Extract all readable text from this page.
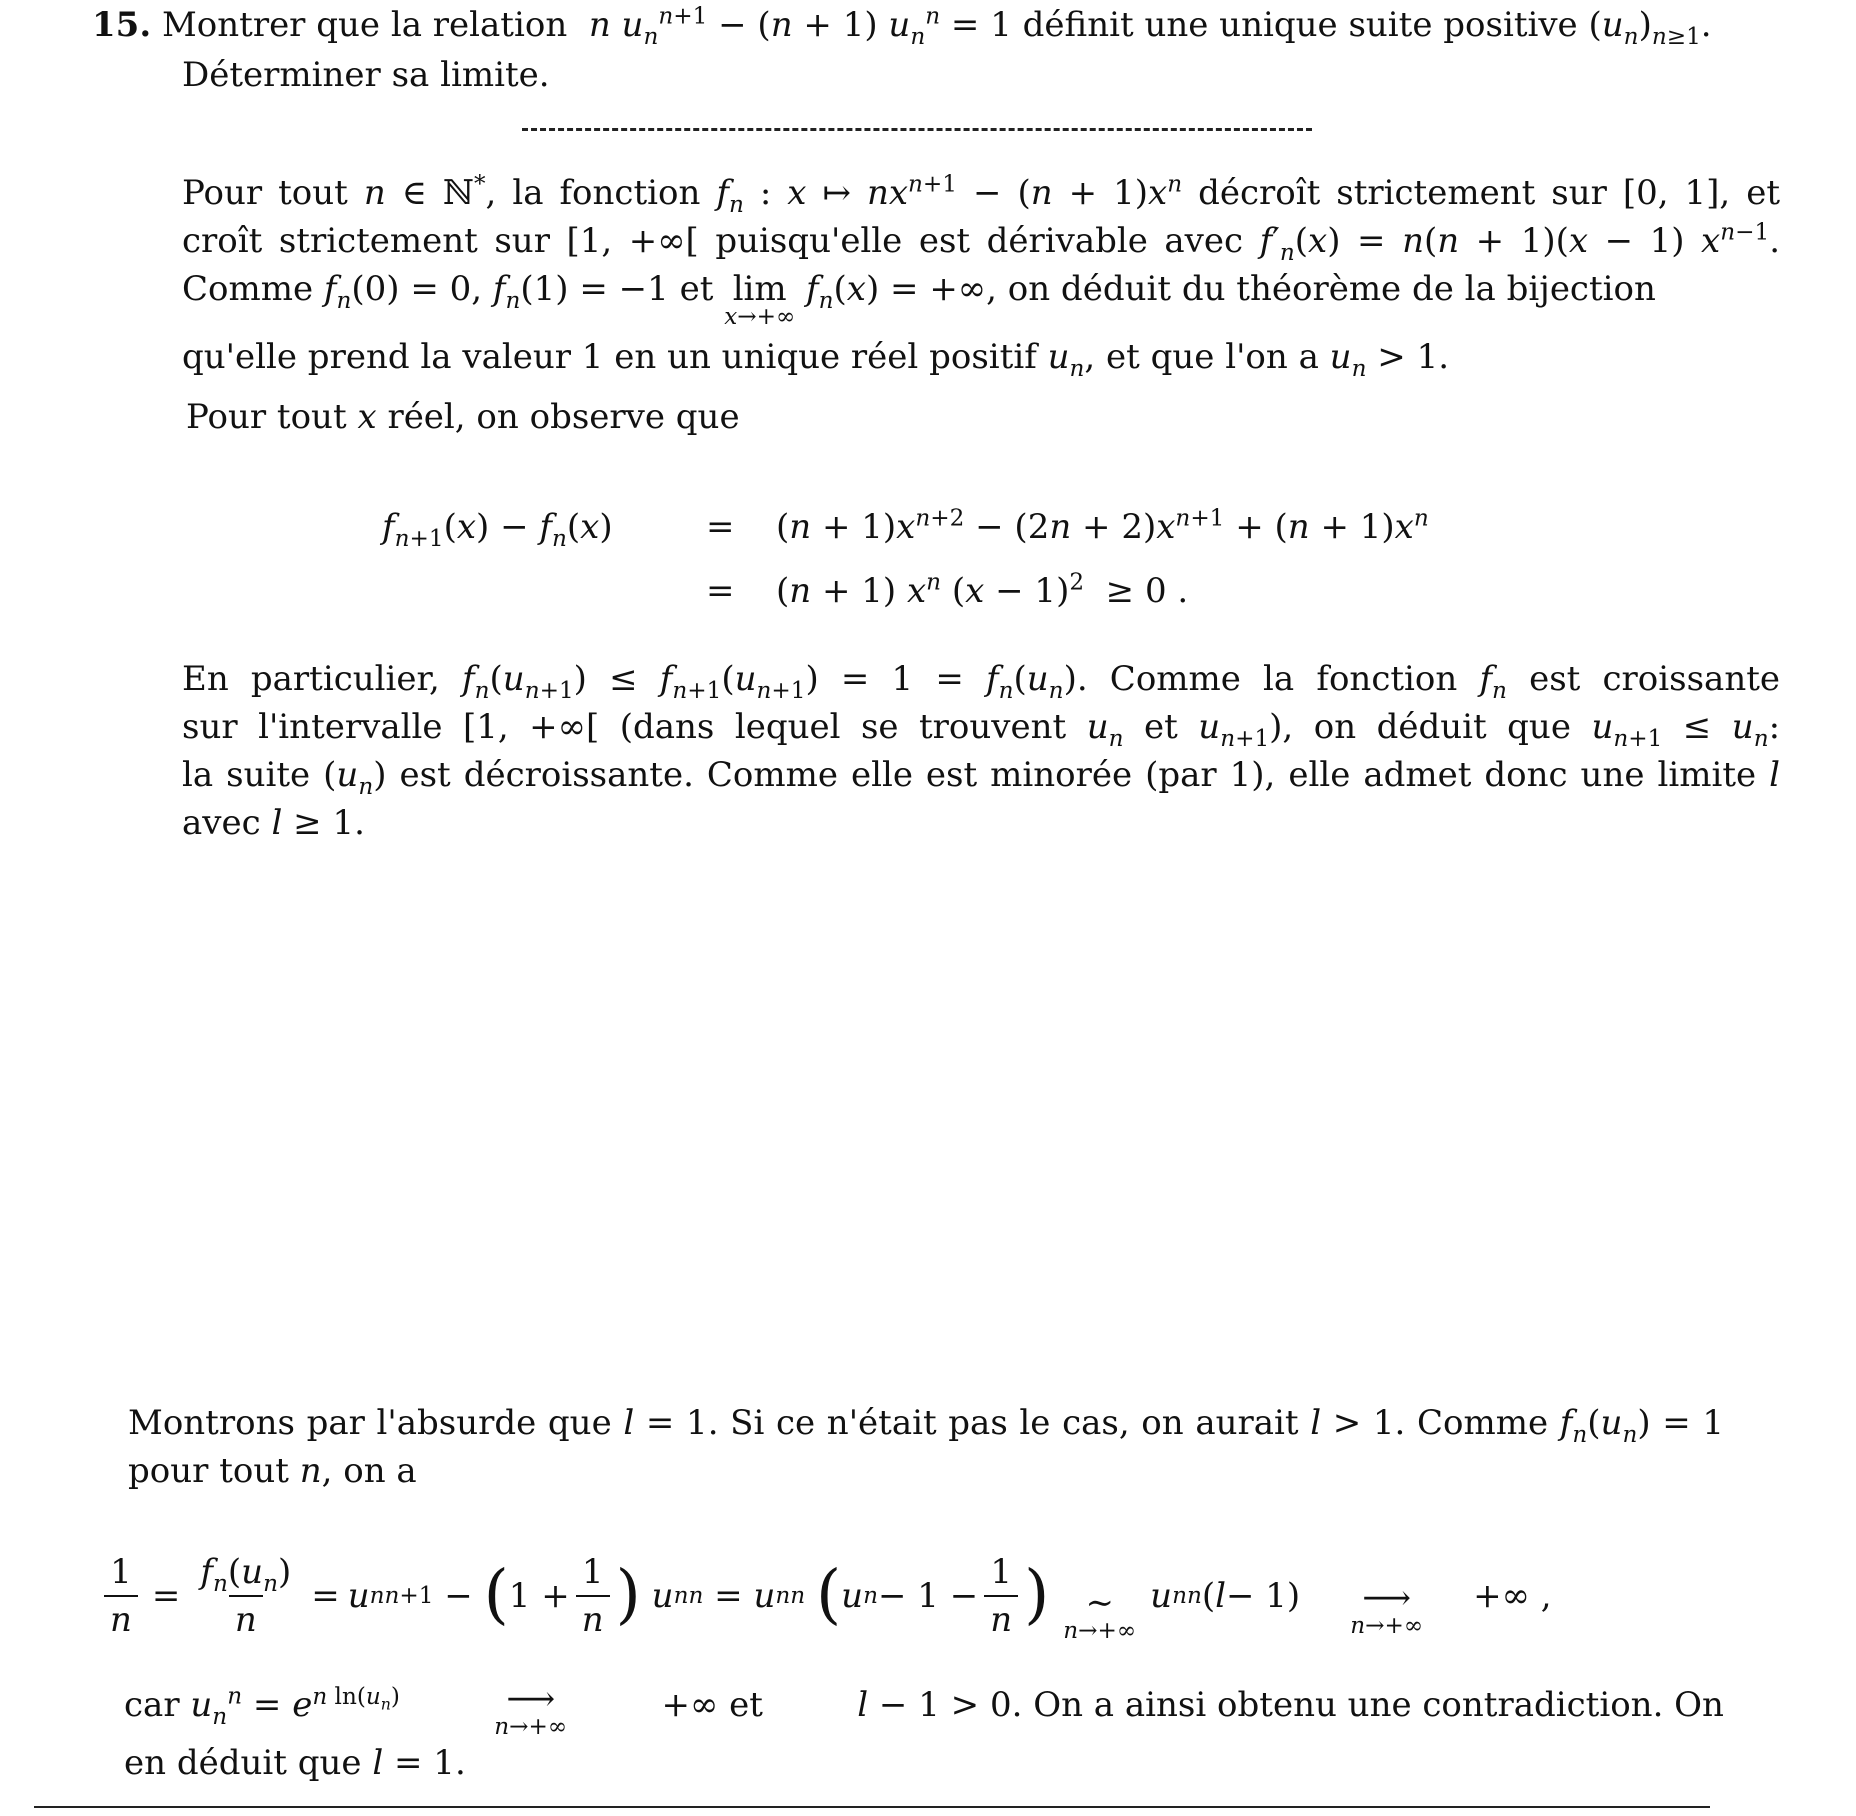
15. Montrer que la relation n $u_n^{n+1} - (n + 1) u_n^n = 1$ définit une unique suite positive $(u_n)_{n\ge 1}$.
Déterminer sa limite.
Pour tout n ∈ ℕ*, la fonction $f_n$ : x ↦ $nx^{n+1} - (n + 1)x^n$ décroît strictement sur [0, 1], et
croît strictement sur [1, +∞[ puisqu'elle est dérivable avec $f'_n(x) = n(n + 1)(x - 1)$ $x^{n-1}$.
Comme $f_n(0) = 0$, $f_n(1) = -1$ et lim
x→+∞
$f_n(x)$ = +∞, on déduit du théorème de la bijection
qu'elle prend la valeur 1 en un unique réel positif $u_n$, et que l'on a $u_n > 1$.
Pour tout x réel, on observe que
$f_{n+1}(x) - f_n(x)$	= $(n + 1)x^{n+2} - (2n + 2)x^{n+1} + (n + 1)x^n$
= (n + 1) $x^n$ $(x - 1)^2 \ge 0$ .
En particulier, $f_n(u_{n+1}) \le f_{n+1}(u_{n+1}) = 1 = f_n(u_n)$. Comme la fonction $f_n$ est croissante
sur l'intervalle [1, +∞[ (dans lequel se trouvent $u_n$ et $u_{n+1}$), on déduit que $u_{n+1} \le u_n$:
la suite $(u_n)$ est décroissante. Comme elle est minorée (par 1), elle admet donc une limite l
avec l ≥ 1.
Montrons par l'absurde que l = 1. Si ce n'était pas le cas, on aurait l > 1. Comme $f_n(u_n) = 1$
pour tout n, on a
$\frac{1}{n} = \frac{f_n(u_n)}{n} = u$ n n+1 − ( $1 + \frac{1}{n}$ )
u n n = u n n
( u $n - 1 - \frac{1}{n}$ ) ∼
n→+∞
u n n ( l − 1) ⟶
n→+∞
+∞ ,
car $u_n^n = e^{n ln(u_n)}$	⟶
n→+∞
+∞ et	l − 1 > 0. On a ainsi obtenu une contradiction. On
en déduit que l = 1.
